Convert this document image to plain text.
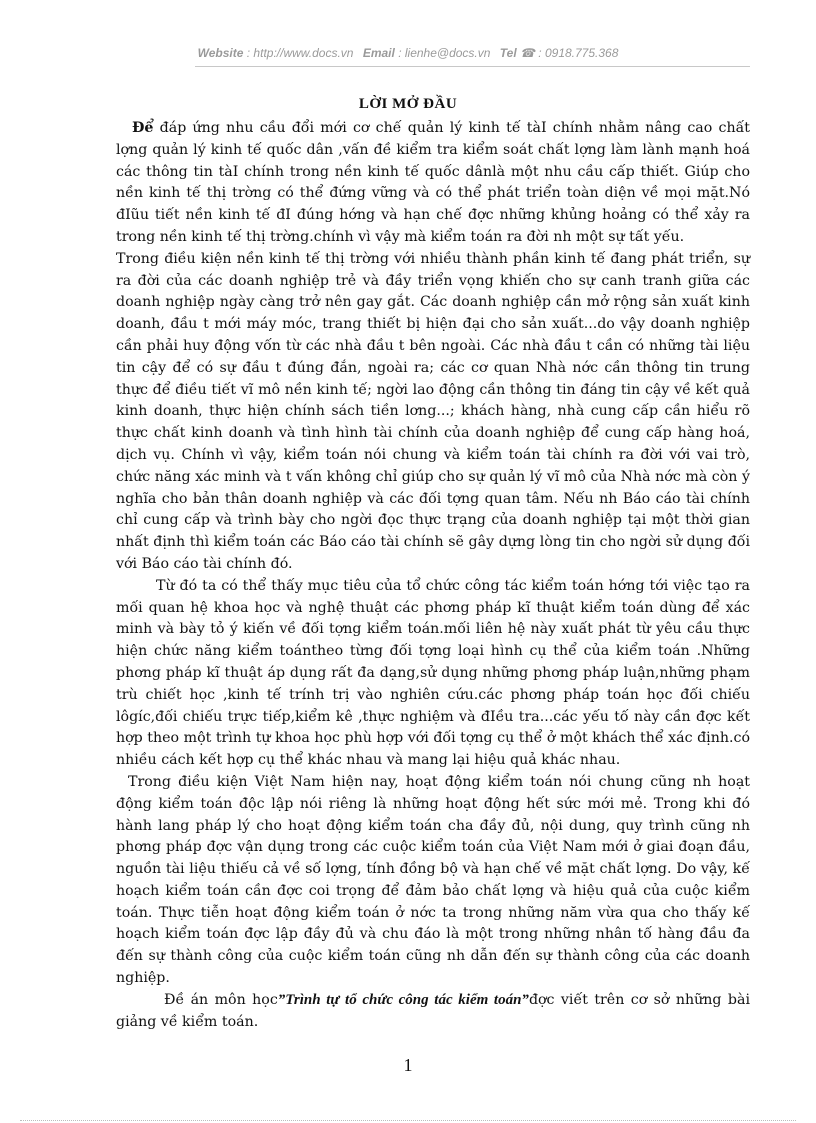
Website : http://www.docs.vn Email : lienhe@docs.vn Tel ☎ : 0918.775.368
LỜI MỞ ĐẦU

Để đáp ứng nhu cầu đổi mới cơ chế quản lý kinh tế tàI chính nhằm nâng cao chất lợng quản lý kinh tế quốc dân ,vấn đề kiểm tra kiểm soát chất lợng làm lành mạnh hoá các thông tin tàI chính trong nền kinh tế quốc dânlà một nhu cầu cấp thiết. Giúp cho nền kinh tế thị trờng có thể đứng vững và có thể phát triển toàn diện về mọi mặt.Nó đIũu tiết nền kinh tế đI đúng hớng và hạn chế đợc những khủng hoảng có thể xảy ra trong nền kinh tế thị trờng.chính vì vậy mà kiểm toán ra đời nh một sự tất yếu.

Trong điều kiện nền kinh tế thị trờng với nhiều thành phần kinh tế đang phát triển, sự ra đời của các doanh nghiệp trẻ và đầy triển vọng khiến cho sự canh tranh giữa các doanh nghiệp ngày càng trở nên gay gắt. Các doanh nghiệp cần mở rộng sản xuất kinh doanh, đầu t mới máy móc, trang thiết bị hiện đại cho sản xuất...do vậy doanh nghiệp cần phải huy động vốn từ các nhà đầu t bên ngoài. Các nhà đầu t cần có những tài liệu tin cậy để có sự đầu t đúng đắn, ngoài ra; các cơ quan Nhà nớc cần thông tin trung thực để điều tiết vĩ mô nền kinh tế; ngời lao động cần thông tin đáng tin cậy về kết quả kinh doanh, thực hiện chính sách tiền lơng...; khách hàng, nhà cung cấp cần hiểu rõ thực chất kinh doanh và tình hình tài chính của doanh nghiệp để cung cấp hàng hoá, dịch vụ. Chính vì vậy, kiểm toán nói chung và kiểm toán tài chính ra đời với vai trò, chức năng xác minh và t vấn không chỉ giúp cho sự quản lý vĩ mô của Nhà nớc mà còn ý nghĩa cho bản thân doanh nghiệp và các đối tợng quan tâm. Nếu nh Báo cáo tài chính chỉ cung cấp và trình bày cho ngời đọc thực trạng của doanh nghiệp tại một thời gian nhất định thì kiểm toán các Báo cáo tài chính sẽ gây dựng lòng tin cho ngời sử dụng đối với Báo cáo tài chính đó.

Từ đó ta có thể thấy mục tiêu của tổ chức công tác kiểm toán hớng tới việc tạo ra mối quan hệ khoa học và nghệ thuật các phơng pháp kĩ thuật kiểm toán dùng để xác minh và bày tỏ ý kiến về đối tợng kiểm toán.mối liên hệ này xuất phát từ yêu cầu thực hiện chức năng kiểm toántheo từng đối tợng loại hình cụ thể của kiểm toán .Những phơng pháp kĩ thuật áp dụng rất đa dạng,sử dụng những phơng pháp luận,những phạm trù chiết học ,kinh tế trính trị vào nghiên cứu.các phơng pháp toán học đối chiếu lôgíc,đối chiếu trực tiếp,kiểm kê ,thực nghiệm và đIều tra...các yếu tố này cần đợc kết hợp theo một trình tự khoa học phù hợp với đối tợng cụ thể ở một khách thể xác định.có nhiều cách kết hợp cụ thể khác nhau và mang lại hiệu quả khác nhau.

Trong điều kiện Việt Nam hiện nay, hoạt động kiểm toán nói chung cũng nh hoạt động kiểm toán độc lập nói riêng là những hoạt động hết sức mới mẻ. Trong khi đó hành lang pháp lý cho hoạt động kiểm toán cha đầy đủ, nội dung, quy trình cũng nh phơng pháp đợc vận dụng trong các cuộc kiểm toán của Việt Nam mới ở giai đoạn đầu, nguồn tài liệu thiếu cả về số lợng, tính đồng bộ và hạn chế về mặt chất lợng. Do vậy, kế hoạch kiểm toán cần đợc coi trọng để đảm bảo chất lợng và hiệu quả của cuộc kiểm toán. Thực tiễn hoạt động kiểm toán ở nớc ta trong những năm vừa qua cho thấy kế hoạch kiểm toán đợc lập đầy đủ và chu đáo là một trong những nhân tố hàng đầu đa đến sự thành công của cuộc kiểm toán cũng nh dẫn đến sự thành công của các doanh nghiệp.

Đề án môn học”Trình tự tổ chức công tác kiểm toán”đợc viết trên cơ sở những bài giảng về kiểm toán.

1
